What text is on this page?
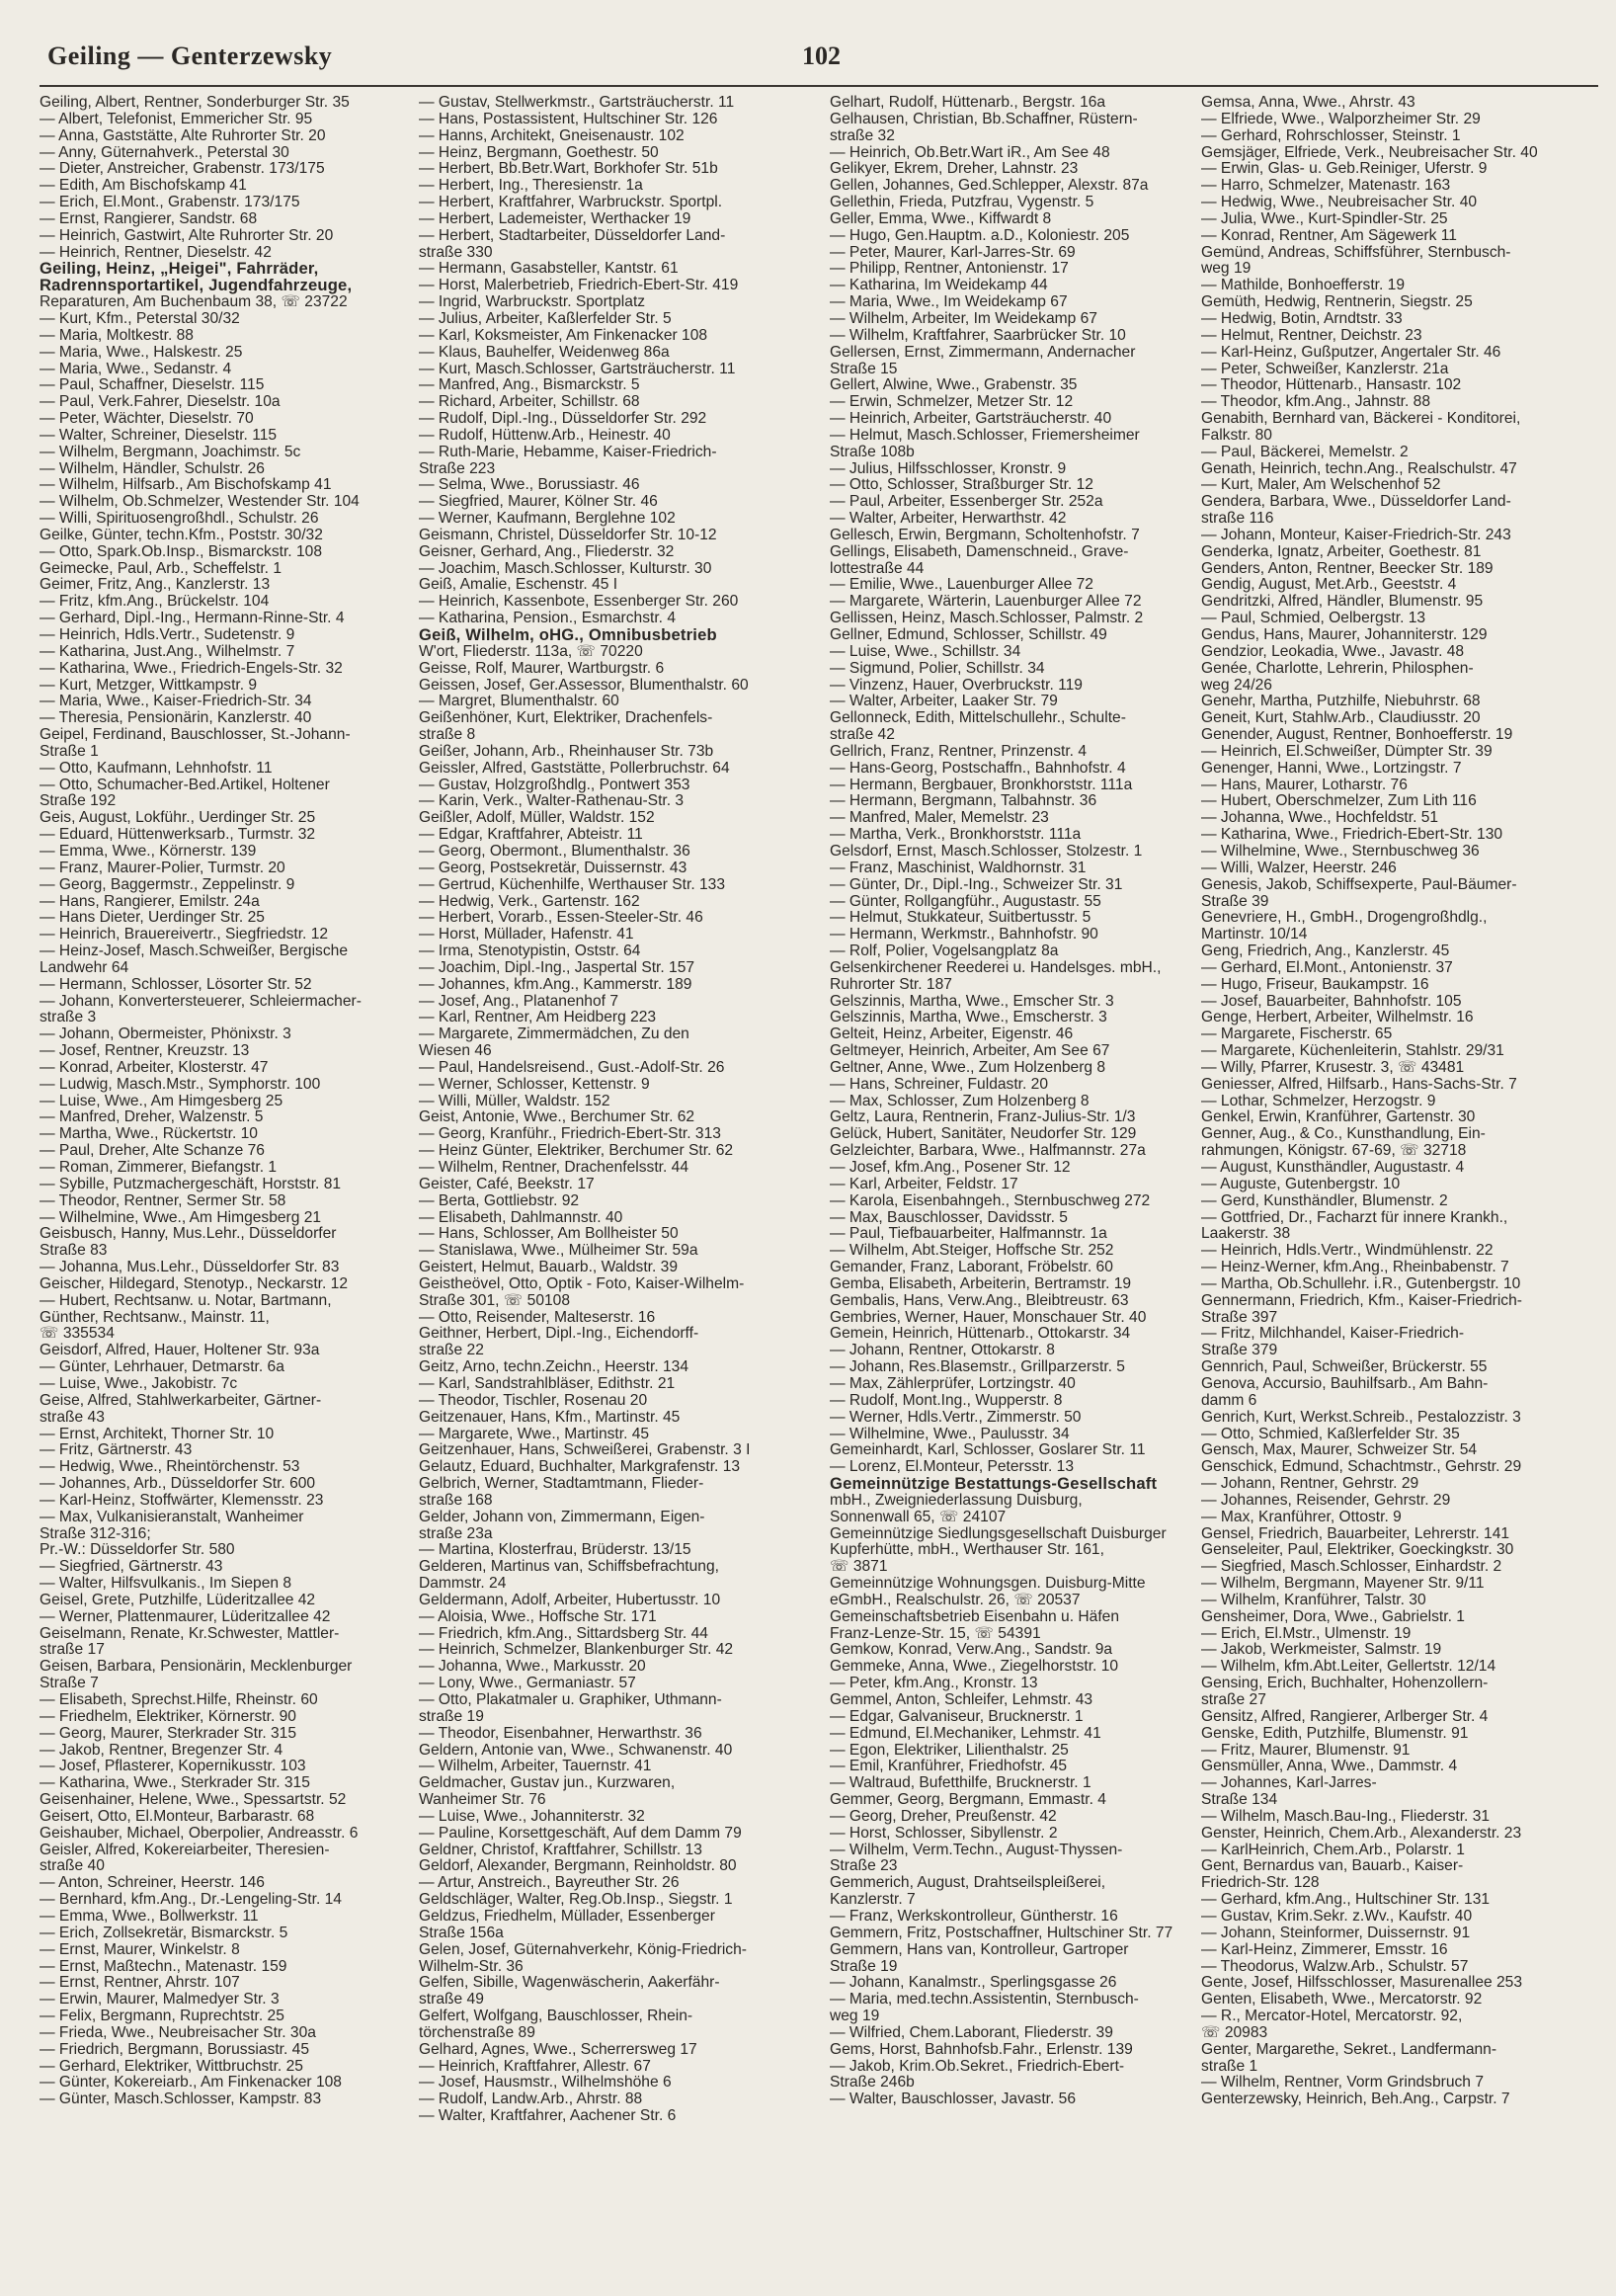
Geiling — Genterzewsky	102
Geiling, Albert, Rentner, Sonderburger Str. 35
— Albert, Telefonist, Emmericher Str. 95
— Anna, Gaststätte, Alte Ruhrorter Str. 20
— Anny, Güternahverk., Peterstal 30
— Dieter, Anstreicher, Grabenstr. 173/175
— Edith, Am Bischofskamp 41
— Erich, El.Mont., Grabenstr. 173/175
— Ernst, Rangierer, Sandstr. 68
— Heinrich, Gastwirt, Alte Ruhrorter Str. 20
— Heinrich, Rentner, Dieselstr. 42
Geiling, Heinz, „Heigei", Fahrräder,
Radrennsportartikel, Jugendfahrzeuge,
Reparaturen, Am Buchenbaum 38, ☏ 23722
— Kurt, Kfm., Peterstal 30/32
— Maria, Moltkestr. 88
— Maria, Wwe., Halskestr. 25
— Maria, Wwe., Sedanstr. 4
— Paul, Schaffner, Dieselstr. 115
— Paul, Verk.Fahrer, Dieselstr. 10a
— Peter, Wächter, Dieselstr. 70
— Walter, Schreiner, Dieselstr. 115
— Wilhelm, Bergmann, Joachimstr. 5c
— Wilhelm, Händler, Schulstr. 26
— Wilhelm, Hilfsarb., Am Bischofskamp 41
— Wilhelm, Ob.Schmelzer, Westender Str. 104
— Willi, Spirituosengroßhdl., Schulstr. 26
Geilke, Günter, techn.Kfm., Poststr. 30/32
— Otto, Spark.Ob.Insp., Bismarckstr. 108
Geimecke, Paul, Arb., Scheffelstr. 1
Geimer, Fritz, Ang., Kanzlerstr. 13
— Fritz, kfm.Ang., Brückelstr. 104
— Gerhard, Dipl.-Ing., Hermann-Rinne-Str. 4
— Heinrich, Hdls.Vertr., Sudetenstr. 9
— Katharina, Just.Ang., Wilhelmstr. 7
— Katharina, Wwe., Friedrich-Engels-Str. 32
— Kurt, Metzger, Wittkampstr. 9
— Maria, Wwe., Kaiser-Friedrich-Str. 34
— Theresia, Pensionärin, Kanzlerstr. 40
Geipel, Ferdinand, Bauschlosser, St.-Johann-
Straße 1
— Otto, Kaufmann, Lehnhofstr. 11
— Otto, Schumacher-Bed.Artikel, Holtener
Straße 192
Geis, August, Lokführ., Uerdinger Str. 25
— Eduard, Hüttenwerksarb., Turmstr. 32
— Emma, Wwe., Körnerstr. 139
— Franz, Maurer-Polier, Turmstr. 20
— Georg, Baggermstr., Zeppelinstr. 9
— Hans, Rangierer, Emilstr. 24a
— Hans Dieter, Uerdinger Str. 25
— Heinrich, Brauereivertr., Siegfriedstr. 12
— Heinz-Josef, Masch.Schweißer, Bergische
Landwehr 64
— Hermann, Schlosser, Lösorter Str. 52
— Johann, Konvertersteuerer, Schleiermacher-
straße 3
— Johann, Obermeister, Phönixstr. 3
— Josef, Rentner, Kreuzstr. 13
— Konrad, Arbeiter, Klosterstr. 47
— Ludwig, Masch.Mstr., Symphorstr. 100
— Luise, Wwe., Am Himgesberg 25
— Manfred, Dreher, Walzenstr. 5
— Martha, Wwe., Rückertstr. 10
— Paul, Dreher, Alte Schanze 76
— Roman, Zimmerer, Biefangstr. 1
— Sybille, Putzmachergeschäft, Horststr. 81
— Theodor, Rentner, Sermer Str. 58
— Wilhelmine, Wwe., Am Himgesberg 21
Geisbusch, Hanny, Mus.Lehr., Düsseldorfer
Straße 83
— Johanna, Mus.Lehr., Düsseldorfer Str. 83
Geischer, Hildegard, Stenotyp., Neckarstr. 12
— Hubert, Rechtsanw. u. Notar, Bartmann,
Günther, Rechtsanw., Mainstr. 11,
☏ 335534
Geisdorf, Alfred, Hauer, Holtener Str. 93a
— Günter, Lehrhauer, Detmarstr. 6a
— Luise, Wwe., Jakobistr. 7c
Geise, Alfred, Stahlwerkarbeiter, Gärtner-
straße 43
— Ernst, Architekt, Thorner Str. 10
— Fritz, Gärtnerstr. 43
— Hedwig, Wwe., Rheintörchenstr. 53
— Johannes, Arb., Düsseldorfer Str. 600
— Karl-Heinz, Stoffwärter, Klemensstr. 23
— Max, Vulkanisieranstalt, Wanheimer
Straße 312-316;
Pr.-W.: Düsseldorfer Str. 580
— Siegfried, Gärtnerstr. 43
— Walter, Hilfsvulkanis., Im Siepen 8
Geisel, Grete, Putzhilfe, Lüderitzallee 42
— Werner, Plattenmaurer, Lüderitzallee 42
Geiselmann, Renate, Kr.Schwester, Mattler-
straße 17
Geisen, Barbara, Pensionärin, Mecklenburger
Straße 7
— Elisabeth, Sprechst.Hilfe, Rheinstr. 60
— Friedhelm, Elektriker, Körnerstr. 90
— Georg, Maurer, Sterkrader Str. 315
— Jakob, Rentner, Bregenzer Str. 4
— Josef, Pflasterer, Kopernikusstr. 103
— Katharina, Wwe., Sterkrader Str. 315
Geisenhainer, Helene, Wwe., Spessartstr. 52
Geisert, Otto, El.Monteur, Barbarastr. 68
Geishauber, Michael, Oberpolier, Andreasstr. 6
Geisler, Alfred, Kokereiarbeiter, Theresien-
straße 40
— Anton, Schreiner, Heerstr. 146
— Bernhard, kfm.Ang., Dr.-Lengeling-Str. 14
— Emma, Wwe., Bollwerkstr. 11
— Erich, Zollsekretär, Bismarckstr. 5
— Ernst, Maurer, Winkelstr. 8
— Ernst, Maßtechn., Matenastr. 159
— Ernst, Rentner, Ahrstr. 107
— Erwin, Maurer, Malmedyer Str. 3
— Felix, Bergmann, Ruprechtstr. 25
— Frieda, Wwe., Neubreisacher Str. 30a
— Friedrich, Bergmann, Borussiastr. 45
— Gerhard, Elektriker, Wittbruchstr. 25
— Günter, Kokereiarb., Am Finkenacker 108
— Günter, Masch.Schlosser, Kampstr. 83
— Gustav, Stellwerkmstr., Gartsträucherstr. 11
— Hans, Postassistent, Hultschiner Str. 126
— Hanns, Architekt, Gneisenaustr. 102
— Heinz, Bergmann, Goethestr. 50
— Herbert, Bb.Betr.Wart, Borkhofer Str. 51b
— Herbert, Ing., Theresienstr. 1a
— Herbert, Kraftfahrer, Warbruckstr. Sportpl.
— Herbert, Lademeister, Werthacker 19
— Herbert, Stadtarbeiter, Düsseldorfer Land-
straße 330
— Hermann, Gasabsteller, Kantstr. 61
— Horst, Malerbetrieb, Friedrich-Ebert-Str. 419
— Ingrid, Warbruckstr. Sportplatz
— Julius, Arbeiter, Kaßlerfelder Str. 5
— Karl, Koksmeister, Am Finkenacker 108
— Klaus, Bauhelfer, Weidenweg 86a
— Kurt, Masch.Schlosser, Gartsträucherstr. 11
— Manfred, Ang., Bismarckstr. 5
— Richard, Arbeiter, Schillstr. 68
— Rudolf, Dipl.-Ing., Düsseldorfer Str. 292
— Rudolf, Hüttenw.Arb., Heinestr. 40
— Ruth-Marie, Hebamme, Kaiser-Friedrich-
Straße 223
— Selma, Wwe., Borussiastr. 46
— Siegfried, Maurer, Kölner Str. 46
— Werner, Kaufmann, Berglehne 102
Geismann, Christel, Düsseldorfer Str. 10-12
Geisner, Gerhard, Ang., Fliederstr. 32
— Joachim, Masch.Schlosser, Kulturstr. 30
Geiß, Amalie, Eschenstr. 45 I
— Heinrich, Kassenbote, Essenberger Str. 260
— Katharina, Pension., Esmarchstr. 4
Geiß, Wilhelm, oHG., Omnibusbetrieb
W'ort, Fliederstr. 113a, ☏ 70220
Geisse, Rolf, Maurer, Wartburgstr. 6
Geissen, Josef, Ger.Assessor, Blumenthalstr. 60
— Margret, Blumenthalstr. 60
Geißenhöner, Kurt, Elektriker, Drachenfels-
straße 8
Geißer, Johann, Arb., Rheinhauser Str. 73b
Geissler, Alfred, Gaststätte, Pollerbruchstr. 64
— Gustav, Holzgroßhdlg., Pontwert 353
— Karin, Verk., Walter-Rathenau-Str. 3
Geißler, Adolf, Müller, Waldstr. 152
— Edgar, Kraftfahrer, Abteistr. 11
— Georg, Obermont., Blumenthalstr. 36
— Georg, Postsekretär, Duissernstr. 43
— Gertrud, Küchenhilfe, Werthauser Str. 133
— Hedwig, Verk., Gartenstr. 162
— Herbert, Vorarb., Essen-Steeler-Str. 46
— Horst, Müllader, Hafenstr. 41
— Irma, Stenotypistin, Oststr. 64
— Joachim, Dipl.-Ing., Jaspertal Str. 157
— Johannes, kfm.Ang., Kammerstr. 189
— Josef, Ang., Platanenhof 7
— Karl, Rentner, Am Heidberg 223
— Margarete, Zimmermädchen, Zu den
Wiesen 46
— Paul, Handelsreisend., Gust.-Adolf-Str. 26
— Werner, Schlosser, Kettenstr. 9
— Willi, Müller, Waldstr. 152
Geist, Antonie, Wwe., Berchumer Str. 62
— Georg, Kranführ., Friedrich-Ebert-Str. 313
— Heinz Günter, Elektriker, Berchumer Str. 62
— Wilhelm, Rentner, Drachenfelsstr. 44
Geister, Café, Beekstr. 17
— Berta, Gottliebstr. 92
— Elisabeth, Dahlmannstr. 40
— Hans, Schlosser, Am Bollheister 50
— Stanislawa, Wwe., Mülheimer Str. 59a
Geistert, Helmut, Bauarb., Waldstr. 39
Geistheövel, Otto, Optik - Foto, Kaiser-Wilhelm-
Straße 301, ☏ 50108
— Otto, Reisender, Malteserstr. 16
Geithner, Herbert, Dipl.-Ing., Eichendorff-
straße 22
Geitz, Arno, techn.Zeichn., Heerstr. 134
— Karl, Sandstrahlbläser, Edithstr. 21
— Theodor, Tischler, Rosenau 20
Geitzenauer, Hans, Kfm., Martinstr. 45
— Margarete, Wwe., Martinstr. 45
Geitzenhauer, Hans, Schweißerei, Grabenstr. 3 I
Gelautz, Eduard, Buchhalter, Markgrafenstr. 13
Gelbrich, Werner, Stadtamtmann, Flieder-
straße 168
Gelder, Johann von, Zimmermann, Eigen-
straße 23a
— Martina, Klosterfrau, Brüderstr. 13/15
Gelderen, Martinus van, Schiffsbefrachtung,
Dammstr. 24
Geldermann, Adolf, Arbeiter, Hubertusstr. 10
— Aloisia, Wwe., Hoffsche Str. 171
— Friedrich, kfm.Ang., Sittardsberg Str. 44
— Heinrich, Schmelzer, Blankenburger Str. 42
— Johanna, Wwe., Markusstr. 20
— Lony, Wwe., Germaniastr. 57
— Otto, Plakatmaler u. Graphiker, Uthmann-
straße 19
— Theodor, Eisenbahner, Herwarthstr. 36
Geldern, Antonie van, Wwe., Schwanenstr. 40
— Wilhelm, Arbeiter, Tauernstr. 41
Geldmacher, Gustav jun., Kurzwaren,
Wanheimer Str. 76
— Luise, Wwe., Johanniterstr. 32
— Pauline, Korsettgeschäft, Auf dem Damm 79
Geldner, Christof, Kraftfahrer, Schillstr. 13
Geldorf, Alexander, Bergmann, Reinholdstr. 80
— Artur, Anstreich., Bayreuther Str. 26
Geldschläger, Walter, Reg.Ob.Insp., Siegstr. 1
Geldzus, Friedhelm, Müllader, Essenberger
Straße 156a
Gelen, Josef, Güternahverkehr, König-Friedrich-
Wilhelm-Str. 36
Gelfen, Sibille, Wagenwäscherin, Aakerfähr-
straße 49
Gelfert, Wolfgang, Bauschlosser, Rhein-
törchenstraße 89
Gelhard, Agnes, Wwe., Scherrersweg 17
— Heinrich, Kraftfahrer, Allestr. 67
— Josef, Hausmstr., Wilhelmshöhe 6
— Rudolf, Landw.Arb., Ahrstr. 88
— Walter, Kraftfahrer, Aachener Str. 6
Gelhart, Rudolf, Hüttenarb., Bergstr. 16a
Gelhausen, Christian, Bb.Schaffner, Rüstern-
straße 32
— Heinrich, Ob.Betr.Wart iR., Am See 48
Gelikyer, Ekrem, Dreher, Lahnstr. 23
Gellen, Johannes, Ged.Schlepper, Alexstr. 87a
Gellethin, Frieda, Putzfrau, Vygenstr. 5
Geller, Emma, Wwe., Kiffwardt 8
— Hugo, Gen.Hauptm. a.D., Koloniestr. 205
— Peter, Maurer, Karl-Jarres-Str. 69
— Philipp, Rentner, Antonienstr. 17
— Katharina, Im Weidekamp 44
— Maria, Wwe., Im Weidekamp 67
— Wilhelm, Arbeiter, Im Weidekamp 67
— Wilhelm, Kraftfahrer, Saarbrücker Str. 10
Gellersen, Ernst, Zimmermann, Andernacher
Straße 15
Gellert, Alwine, Wwe., Grabenstr. 35
— Erwin, Schmelzer, Metzer Str. 12
— Heinrich, Arbeiter, Gartsträucherstr. 40
— Helmut, Masch.Schlosser, Friemersheimer
Straße 108b
— Julius, Hilfsschlosser, Kronstr. 9
— Otto, Schlosser, Straßburger Str. 12
— Paul, Arbeiter, Essenberger Str. 252a
— Walter, Arbeiter, Herwarthstr. 42
Gellesch, Erwin, Bergmann, Scholtenhofstr. 7
Gellings, Elisabeth, Damenschneid., Grave-
lottestraße 44
— Emilie, Wwe., Lauenburger Allee 72
— Margarete, Wärterin, Lauenburger Allee 72
Gellissen, Heinz, Masch.Schlosser, Palmstr. 2
Gellner, Edmund, Schlosser, Schillstr. 49
— Luise, Wwe., Schillstr. 34
— Sigmund, Polier, Schillstr. 34
— Vinzenz, Hauer, Overbruckstr. 119
— Walter, Arbeiter, Laaker Str. 79
Gellonneck, Edith, Mittelschullehr., Schulte-
straße 42
Gellrich, Franz, Rentner, Prinzenstr. 4
— Hans-Georg, Postschaffn., Bahnhofstr. 4
— Hermann, Bergbauer, Bronkhorststr. 111a
— Hermann, Bergmann, Talbahnstr. 36
— Manfred, Maler, Memelstr. 23
— Martha, Verk., Bronkhorststr. 111a
Gelsdorf, Ernst, Masch.Schlosser, Stolzestr. 1
— Franz, Maschinist, Waldhornstr. 31
— Günter, Dr., Dipl.-Ing., Schweizer Str. 31
— Günter, Rollgangführ., Augustastr. 55
— Helmut, Stukkateur, Suitbertusstr. 5
— Hermann, Werkmstr., Bahnhofstr. 90
— Rolf, Polier, Vogelsangplatz 8a
Gelsenkirchener Reederei u. Handelsges. mbH.,
Ruhrorter Str. 187
Gelszinnis, Martha, Wwe., Emscher Str. 3
Gelszinnis, Martha, Wwe., Emscherstr. 3
Gelteit, Heinz, Arbeiter, Eigenstr. 46
Geltmeyer, Heinrich, Arbeiter, Am See 67
Geltner, Anne, Wwe., Zum Holzenberg 8
— Hans, Schreiner, Fuldastr. 20
— Max, Schlosser, Zum Holzenberg 8
Geltz, Laura, Rentnerin, Franz-Julius-Str. 1/3
Gelück, Hubert, Sanitäter, Neudorfer Str. 129
Gelzleichter, Barbara, Wwe., Halfmannstr. 27a
— Josef, kfm.Ang., Posener Str. 12
— Karl, Arbeiter, Feldstr. 17
— Karola, Eisenbahngeh., Sternbuschweg 272
— Max, Bauschlosser, Davidsstr. 5
— Paul, Tiefbauarbeiter, Halfmannstr. 1a
— Wilhelm, Abt.Steiger, Hoffsche Str. 252
Gemander, Franz, Laborant, Fröbelstr. 60
Gemba, Elisabeth, Arbeiterin, Bertramstr. 19
Gembalis, Hans, Verw.Ang., Bleibtreustr. 63
Gembries, Werner, Hauer, Monschauer Str. 40
Gemein, Heinrich, Hüttenarb., Ottokarstr. 34
— Johann, Rentner, Ottokarstr. 8
— Johann, Res.Blasemstr., Grillparzerstr. 5
— Max, Zählerprüfer, Lortzingstr. 40
— Rudolf, Mont.Ing., Wupperstr. 8
— Werner, Hdls.Vertr., Zimmerstr. 50
— Wilhelmine, Wwe., Paulusstr. 34
Gemeinhardt, Karl, Schlosser, Goslarer Str. 11
— Lorenz, El.Monteur, Petersstr. 13
Gemeinnützige Bestattungs-Gesellschaft
mbH., Zweigniederlassung Duisburg,
Sonnenwall 65, ☏ 24107
Gemeinnützige Siedlungsgesellschaft Duisburger
Kupferhütte, mbH., Werthauser Str. 161,
☏ 3871
Gemeinnützige Wohnungsgen. Duisburg-Mitte
eGmbH., Realschulstr. 26, ☏ 20537
Gemeinschaftsbetrieb Eisenbahn u. Häfen
Franz-Lenze-Str. 15, ☏ 54391
Gemkow, Konrad, Verw.Ang., Sandstr. 9a
Gemmeke, Anna, Wwe., Ziegelhorststr. 10
— Peter, kfm.Ang., Kronstr. 13
Gemmel, Anton, Schleifer, Lehmstr. 43
— Edgar, Galvaniseur, Brucknerstr. 1
— Edmund, El.Mechaniker, Lehmstr. 41
— Egon, Elektriker, Lilienthalstr. 25
— Emil, Kranführer, Friedhofstr. 45
— Waltraud, Bufetthilfe, Brucknerstr. 1
Gemmer, Georg, Bergmann, Emmastr. 4
— Georg, Dreher, Preußenstr. 42
— Horst, Schlosser, Sibyllenstr. 2
— Wilhelm, Verm.Techn., August-Thyssen-
Straße 23
Gemmerich, August, Drahtseilspleißerei,
Kanzlerstr. 7
— Franz, Werkskontrolleur, Güntherstr. 16
Gemmern, Fritz, Postschaffner, Hultschiner Str. 77
Gemmern, Hans van, Kontrolleur, Gartroper
Straße 19
— Johann, Kanalmstr., Sperlingsgasse 26
— Maria, med.techn.Assistentin, Sternbusch-
weg 19
— Wilfried, Chem.Laborant, Fliederstr. 39
Gems, Horst, Bahnhofsb.Fahr., Erlenstr. 139
— Jakob, Krim.Ob.Sekret., Friedrich-Ebert-
Straße 246b
— Walter, Bauschlosser, Javastr. 56
Gemsa, Anna, Wwe., Ahrstr. 43
— Elfriede, Wwe., Walporzheimer Str. 29
— Gerhard, Rohrschlosser, Steinstr. 1
Gemsjäger, Elfriede, Verk., Neubreisacher Str. 40
— Erwin, Glas- u. Geb.Reiniger, Uferstr. 9
— Harro, Schmelzer, Matenastr. 163
— Hedwig, Wwe., Neubreisacher Str. 40
— Julia, Wwe., Kurt-Spindler-Str. 25
— Konrad, Rentner, Am Sägewerk 11
Gemünd, Andreas, Schiffsführer, Sternbusch-
weg 19
— Mathilde, Bonhoefferstr. 19
Gemüth, Hedwig, Rentnerin, Siegstr. 25
— Hedwig, Botin, Arndtstr. 33
— Helmut, Rentner, Deichstr. 23
— Karl-Heinz, Gußputzer, Angertaler Str. 46
— Peter, Schweißer, Kanzlerstr. 21a
— Theodor, Hüttenarb., Hansastr. 102
— Theodor, kfm.Ang., Jahnstr. 88
Genabith, Bernhard van, Bäckerei - Konditorei,
Falkstr. 80
— Paul, Bäckerei, Memelstr. 2
Genath, Heinrich, techn.Ang., Realschulstr. 47
— Kurt, Maler, Am Welschenhof 52
Gendera, Barbara, Wwe., Düsseldorfer Land-
straße 116
— Johann, Monteur, Kaiser-Friedrich-Str. 243
Genderka, Ignatz, Arbeiter, Goethestr. 81
Genders, Anton, Rentner, Beecker Str. 189
Gendig, August, Met.Arb., Geeststr. 4
Gendritzki, Alfred, Händler, Blumenstr. 95
— Paul, Schmied, Oelbergstr. 13
Gendus, Hans, Maurer, Johanniterstr. 129
Gendzior, Leokadia, Wwe., Javastr. 48
Genée, Charlotte, Lehrerin, Philosphen-
weg 24/26
Genehr, Martha, Putzhilfe, Niebuhrstr. 68
Geneit, Kurt, Stahlw.Arb., Claudiusstr. 20
Genender, August, Rentner, Bonhoefferstr. 19
— Heinrich, El.Schweißer, Dümpter Str. 39
Genenger, Hanni, Wwe., Lortzingstr. 7
— Hans, Maurer, Lotharstr. 76
— Hubert, Oberschmelzer, Zum Lith 116
— Johanna, Wwe., Hochfeldstr. 51
— Katharina, Wwe., Friedrich-Ebert-Str. 130
— Wilhelmine, Wwe., Sternbuschweg 36
— Willi, Walzer, Heerstr. 246
Genesis, Jakob, Schiffsexperte, Paul-Bäumer-
Straße 39
Genevriere, H., GmbH., Drogengroßhdlg.,
Martinstr. 10/14
Geng, Friedrich, Ang., Kanzlerstr. 45
— Gerhard, El.Mont., Antonienstr. 37
— Hugo, Friseur, Baukampstr. 16
— Josef, Bauarbeiter, Bahnhofstr. 105
Genge, Herbert, Arbeiter, Wilhelmstr. 16
— Margarete, Fischerstr. 65
— Margarete, Küchenleiterin, Stahlstr. 29/31
— Willy, Pfarrer, Krusestr. 3, ☏ 43481
Geniesser, Alfred, Hilfsarb., Hans-Sachs-Str. 7
— Lothar, Schmelzer, Herzogstr. 9
Genkel, Erwin, Kranführer, Gartenstr. 30
Genner, Aug., & Co., Kunsthandlung, Ein-
rahmungen, Königstr. 67-69, ☏ 32718
— August, Kunsthändler, Augustastr. 4
— Auguste, Gutenbergstr. 10
— Gerd, Kunsthändler, Blumenstr. 2
— Gottfried, Dr., Facharzt für innere Krankh.,
Laakerstr. 38
— Heinrich, Hdls.Vertr., Windmühlenstr. 22
— Heinz-Werner, kfm.Ang., Rheinbabenstr. 7
— Martha, Ob.Schullehr. i.R., Gutenbergstr. 10
Gennermann, Friedrich, Kfm., Kaiser-Friedrich-
Straße 397
— Fritz, Milchhandel, Kaiser-Friedrich-
Straße 379
Gennrich, Paul, Schweißer, Brückerstr. 55
Genova, Accursio, Bauhilfsarb., Am Bahn-
damm 6
Genrich, Kurt, Werkst.Schreib., Pestalozzistr. 3
— Otto, Schmied, Kaßlerfelder Str. 35
Gensch, Max, Maurer, Schweizer Str. 54
Genschick, Edmund, Schachtmstr., Gehrstr. 29
— Johann, Rentner, Gehrstr. 29
— Johannes, Reisender, Gehrstr. 29
— Max, Kranführer, Ottostr. 9
Gensel, Friedrich, Bauarbeiter, Lehrerstr. 141
Genseleiter, Paul, Elektriker, Goeckingkstr. 30
— Siegfried, Masch.Schlosser, Einhardstr. 2
— Wilhelm, Bergmann, Mayener Str. 9/11
— Wilhelm, Kranführer, Talstr. 30
Gensheimer, Dora, Wwe., Gabrielstr. 1
— Erich, El.Mstr., Ulmenstr. 19
— Jakob, Werkmeister, Salmstr. 19
— Wilhelm, kfm.Abt.Leiter, Gellertstr. 12/14
Gensing, Erich, Buchhalter, Hohenzollern-
straße 27
Gensitz, Alfred, Rangierer, Arlberger Str. 4
Genske, Edith, Putzhilfe, Blumenstr. 91
— Fritz, Maurer, Blumenstr. 91
Gensmüller, Anna, Wwe., Dammstr. 4
— Johannes, Karl-Jarres-
Straße 134
— Wilhelm, Masch.Bau-Ing., Fliederstr. 31
Genster, Heinrich, Chem.Arb., Alexanderstr. 23
— KarlHeinrich, Chem.Arb., Polarstr. 1
Gent, Bernardus van, Bauarb., Kaiser-
Friedrich-Str. 128
— Gerhard, kfm.Ang., Hultschiner Str. 131
— Gustav, Krim.Sekr. z.Wv., Kaufstr. 40
— Johann, Steinformer, Duissernstr. 91
— Karl-Heinz, Zimmerer, Emsstr. 16
— Theodorus, Walzw.Arb., Schulstr. 57
Gente, Josef, Hilfsschlosser, Masurenallee 253
Genten, Elisabeth, Wwe., Mercatorstr. 92
— R., Mercator-Hotel, Mercatorstr. 92,
☏ 20983
Genter, Margarethe, Sekret., Landfermann-
straße 1
— Wilhelm, Rentner, Vorm Grindsbruch 7
Genterzewsky, Heinrich, Beh.Ang., Carpstr. 7
